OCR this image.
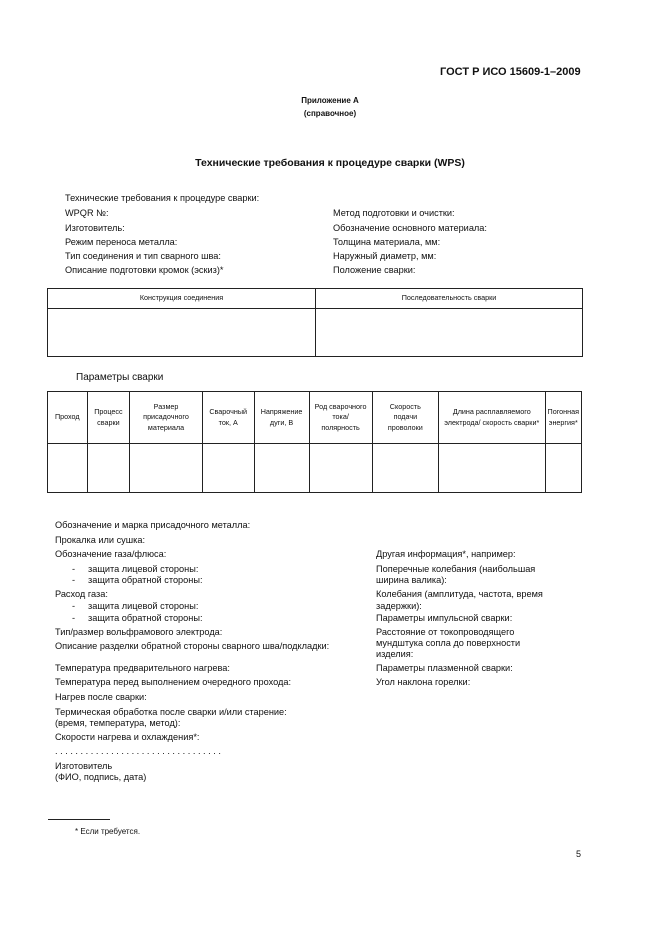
ГОСТ Р ИСО 15609-1–2009
Приложение А
(справочное)
Технические требования к процедуре сварки (WPS)
Технические требования к процедуре сварки:
WPQR №:
Изготовитель:
Режим переноса металла:
Тип соединения и тип сварного шва:
Описание подготовки кромок (эскиз)*
Метод подготовки и очистки:
Обозначение основного материала:
Толщина материала, мм:
Наружный диаметр, мм:
Положение сварки:
Конструкция соединения	Последовательность сварки

Параметры сварки
Проход	Процесс сварки	Размер присадочного материала	Сварочный ток, А	Напряжение дуги, В	Род сварочного тока/ полярность	Скорость подачи проволоки	Длина расплавляемого электрода/ скорость сварки*	Погонная энергия*

Обозначение и марка присадочного металла:
Прокалка или сушка:
Обозначение газа/флюса:
- защита лицевой стороны:
- защита обратной стороны:
Расход газа:
- защита лицевой стороны:
- защита обратной стороны:
Тип/размер вольфрамового электрода:
Описание разделки обратной стороны сварного шва/подкладки:
Температура предварительного нагрева:
Температура перед выполнением очередного прохода:
Нагрев после сварки:
Термическая обработка после сварки и/или старение:
(время, температура, метод):
Скорости нагрева и охлаждения*:
. . . . . . . . . . . . . . . . . . . . . . . . . . . . . . . . .
Изготовитель
(ФИО, подпись, дата)
Другая информация*, например:
Поперечные колебания (наибольшая
ширина валика):
Колебания (амплитуда, частота, время
задержки):
Параметры импульсной сварки:
Расстояние от токопроводящего
мундштука сопла до поверхности
изделия:
Параметры плазменной сварки:
Угол наклона горелки:
* Если требуется.
5
